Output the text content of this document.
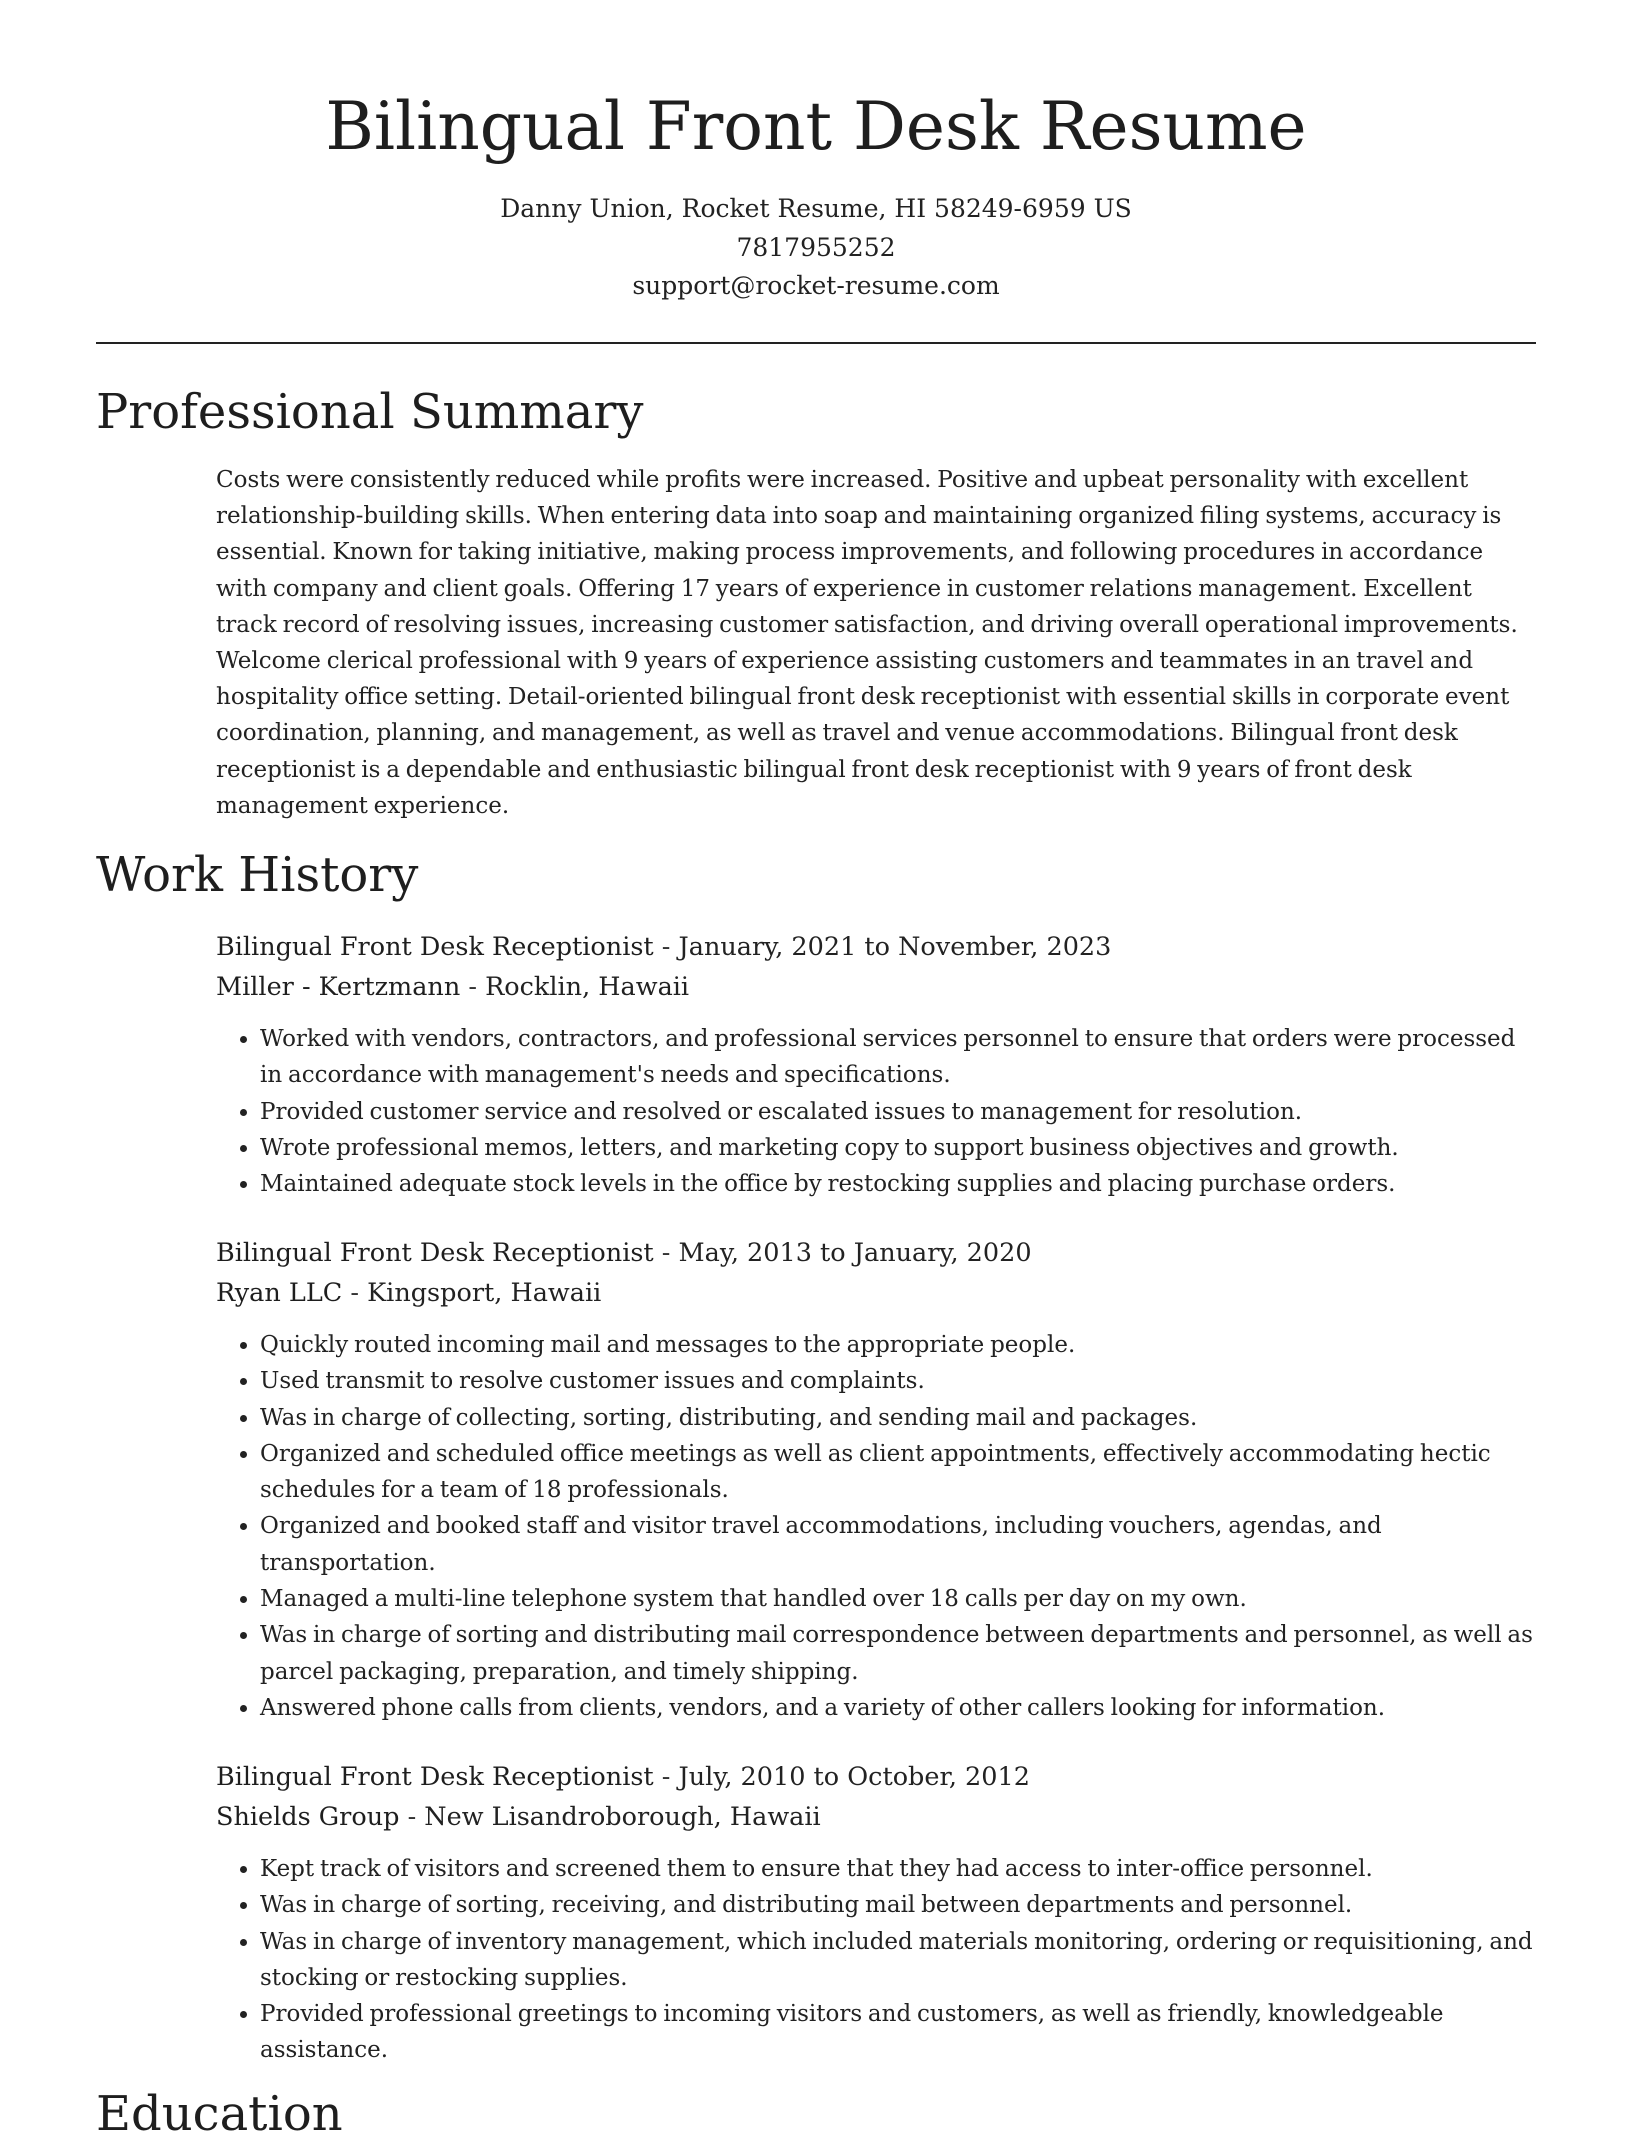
Bilingual Front Desk Resume
Danny Union, Rocket Resume, HI 58249-6959 US
7817955252
support@rocket-resume.com
Professional Summary

Costs were consistently reduced while profits were increased. Positive and upbeat personality with excellent relationship-building skills. When entering data into soap and maintaining organized filing systems, accuracy is essential. Known for taking initiative, making process improvements, and following procedures in accordance with company and client goals. Offering 17 years of experience in customer relations management. Excellent track record of resolving issues, increasing customer satisfaction, and driving overall operational improvements. Welcome clerical professional with 9 years of experience assisting customers and teammates in an travel and hospitality office setting. Detail-oriented bilingual front desk receptionist with essential skills in corporate event coordination, planning, and management, as well as travel and venue accommodations. Bilingual front desk receptionist is a dependable and enthusiastic bilingual front desk receptionist with 9 years of front desk management experience.

Work History
Bilingual Front Desk Receptionist - January, 2021 to November, 2023
Miller - Kertzmann - Rocklin, Hawaii
• Worked with vendors, contractors, and professional services personnel to ensure that orders were processed in accordance with management's needs and specifications.
• Provided customer service and resolved or escalated issues to management for resolution.
• Wrote professional memos, letters, and marketing copy to support business objectives and growth.
• Maintained adequate stock levels in the office by restocking supplies and placing purchase orders.
Bilingual Front Desk Receptionist - May, 2013 to January, 2020
Ryan LLC - Kingsport, Hawaii
• Quickly routed incoming mail and messages to the appropriate people.
• Used transmit to resolve customer issues and complaints.
• Was in charge of collecting, sorting, distributing, and sending mail and packages.
• Organized and scheduled office meetings as well as client appointments, effectively accommodating hectic schedules for a team of 18 professionals.
• Organized and booked staff and visitor travel accommodations, including vouchers, agendas, and transportation.
• Managed a multi-line telephone system that handled over 18 calls per day on my own.
• Was in charge of sorting and distributing mail correspondence between departments and personnel, as well as parcel packaging, preparation, and timely shipping.
• Answered phone calls from clients, vendors, and a variety of other callers looking for information.
Bilingual Front Desk Receptionist - July, 2010 to October, 2012
Shields Group - New Lisandroborough, Hawaii
• Kept track of visitors and screened them to ensure that they had access to inter-office personnel.
• Was in charge of sorting, receiving, and distributing mail between departments and personnel.
• Was in charge of inventory management, which included materials monitoring, ordering or requisitioning, and stocking or restocking supplies.
• Provided professional greetings to incoming visitors and customers, as well as friendly, knowledgeable assistance.
Education
